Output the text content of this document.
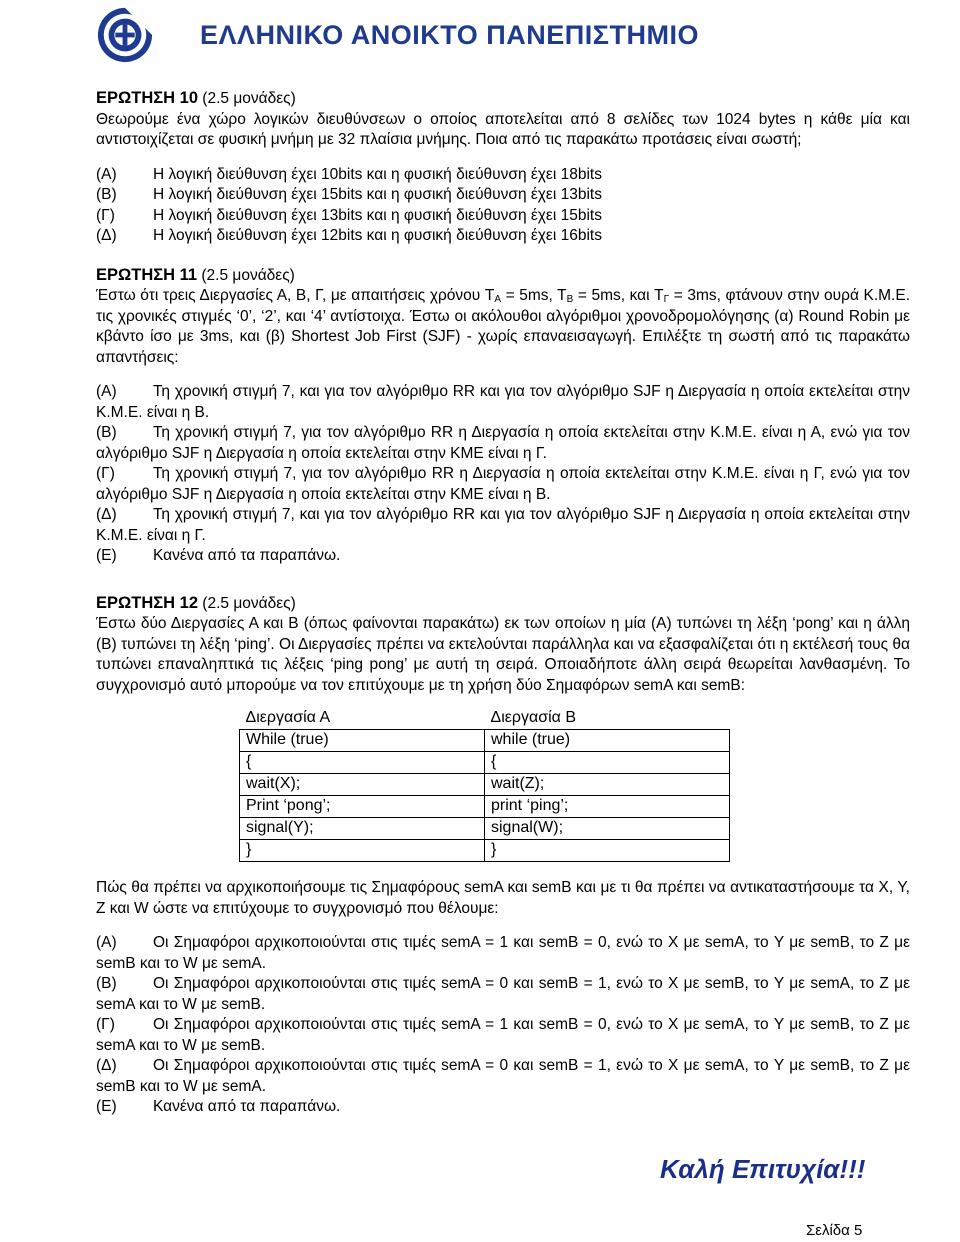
ΕΛΛΗΝΙΚΟ ΑΝΟΙΚΤΟ ΠΑΝΕΠΙΣΤΗΜΙΟ
ΕΡΩΤΗΣΗ 10 (2.5 μονάδες)

Θεωρούμε ένα χώρο λογικών διευθύνσεων ο οποίος αποτελείται από 8 σελίδες των 1024 bytes η κάθε μία και αντιστοιχίζεται σε φυσική μνήμη με 32 πλαίσια μνήμης. Ποια από τις παρακάτω προτάσεις είναι σωστή;

(Α)	Η λογική διεύθυνση έχει 10bits και η φυσική διεύθυνση έχει 18bits
(Β)	Η λογική διεύθυνση έχει 15bits και η φυσική διεύθυνση έχει 13bits
(Γ)	Η λογική διεύθυνση έχει 13bits και η φυσική διεύθυνση έχει 15bits
(Δ)	Η λογική διεύθυνση έχει 12bits και η φυσική διεύθυνση έχει 16bits
ΕΡΩΤΗΣΗ 11 (2.5 μονάδες)

Έστω ότι τρεις Διεργασίες Α, Β, Γ, με απαιτήσεις χρόνου $T_A = 5ms$, $T_B = 5ms$, και $T_\Gamma = 3ms$, φτάνουν στην ουρά Κ.Μ.Ε. τις χρονικές στιγμές ‘0’, ‘2’, και ‘4’ αντίστοιχα. Έστω οι ακόλουθοι αλγόριθμοι χρονοδρομολόγησης (α) Round Robin με κβάντο ίσο με 3ms, και (β) Shortest Job First (SJF) - χωρίς επαναεισαγωγή. Επιλέξτε τη σωστή από τις παρακάτω απαντήσεις:

(Α) Τη χρονική στιγμή 7, και για τον αλγόριθμο RR και για τον αλγόριθμο SJF η Διεργασία η οποία εκτελείται στην Κ.Μ.Ε. είναι η Β.

(Β) Τη χρονική στιγμή 7, για τον αλγόριθμο RR η Διεργασία η οποία εκτελείται στην Κ.Μ.Ε. είναι η Α, ενώ για τον αλγόριθμο SJF η Διεργασία η οποία εκτελείται στην ΚΜΕ είναι η Γ.

(Γ) Τη χρονική στιγμή 7, για τον αλγόριθμο RR η Διεργασία η οποία εκτελείται στην Κ.Μ.Ε. είναι η Γ, ενώ για τον αλγόριθμο SJF η Διεργασία η οποία εκτελείται στην ΚΜΕ είναι η Β.

(Δ) Τη χρονική στιγμή 7, και για τον αλγόριθμο RR και για τον αλγόριθμο SJF η Διεργασία η οποία εκτελείται στην Κ.Μ.Ε. είναι η Γ.

(Ε) Κανένα από τα παραπάνω.

ΕΡΩΤΗΣΗ 12 (2.5 μονάδες)

Έστω δύο Διεργασίες Α και Β (όπως φαίνονται παρακάτω) εκ των οποίων η μία (Α) τυπώνει τη λέξη ‘pong’ και η άλλη (Β) τυπώνει τη λέξη ‘ping’. Οι Διεργασίες πρέπει να εκτελούνται παράλληλα και να εξασφαλίζεται ότι η εκτέλεσή τους θα τυπώνει επαναληπτικά τις λέξεις ‘ping pong’ με αυτή τη σειρά. Οποιαδήποτε άλλη σειρά θεωρείται λανθασμένη. Το συγχρονισμό αυτό μπορούμε να τον επιτύχουμε με τη χρήση δύο Σημαφόρων semA και semB:

Διεργασία Α	Διεργασία Β
While (true)	while (true)
{	{
wait(X);	wait(Z);
Print ‘pong’;	print ‘ping’;
signal(Y);	signal(W);
}	}

Πώς θα πρέπει να αρχικοποιήσουμε τις Σημαφόρους semA και semB και με τι θα πρέπει να αντικαταστήσουμε τα X, Y, Z και W ώστε να επιτύχουμε το συγχρονισμό που θέλουμε:

(Α) Οι Σημαφόροι αρχικοποιούνται στις τιμές semA = 1 και semB = 0, ενώ το X με semA, το Y με semB, το Z με semB και το W με semA.

(Β) Οι Σημαφόροι αρχικοποιούνται στις τιμές semA = 0 και semB = 1, ενώ το X με semB, το Y με semA, το Z με semA και το W με semB.

(Γ) Οι Σημαφόροι αρχικοποιούνται στις τιμές semA = 1 και semB = 0, ενώ το X με semA, το Y με semB, το Z με semA και το W με semB.

(Δ) Οι Σημαφόροι αρχικοποιούνται στις τιμές semA = 0 και semB = 1, ενώ το X με semA, το Y με semB, το Z με semB και το W με semA.

(Ε) Κανένα από τα παραπάνω.

Καλή Επιτυχία!!!
Σελίδα 5
